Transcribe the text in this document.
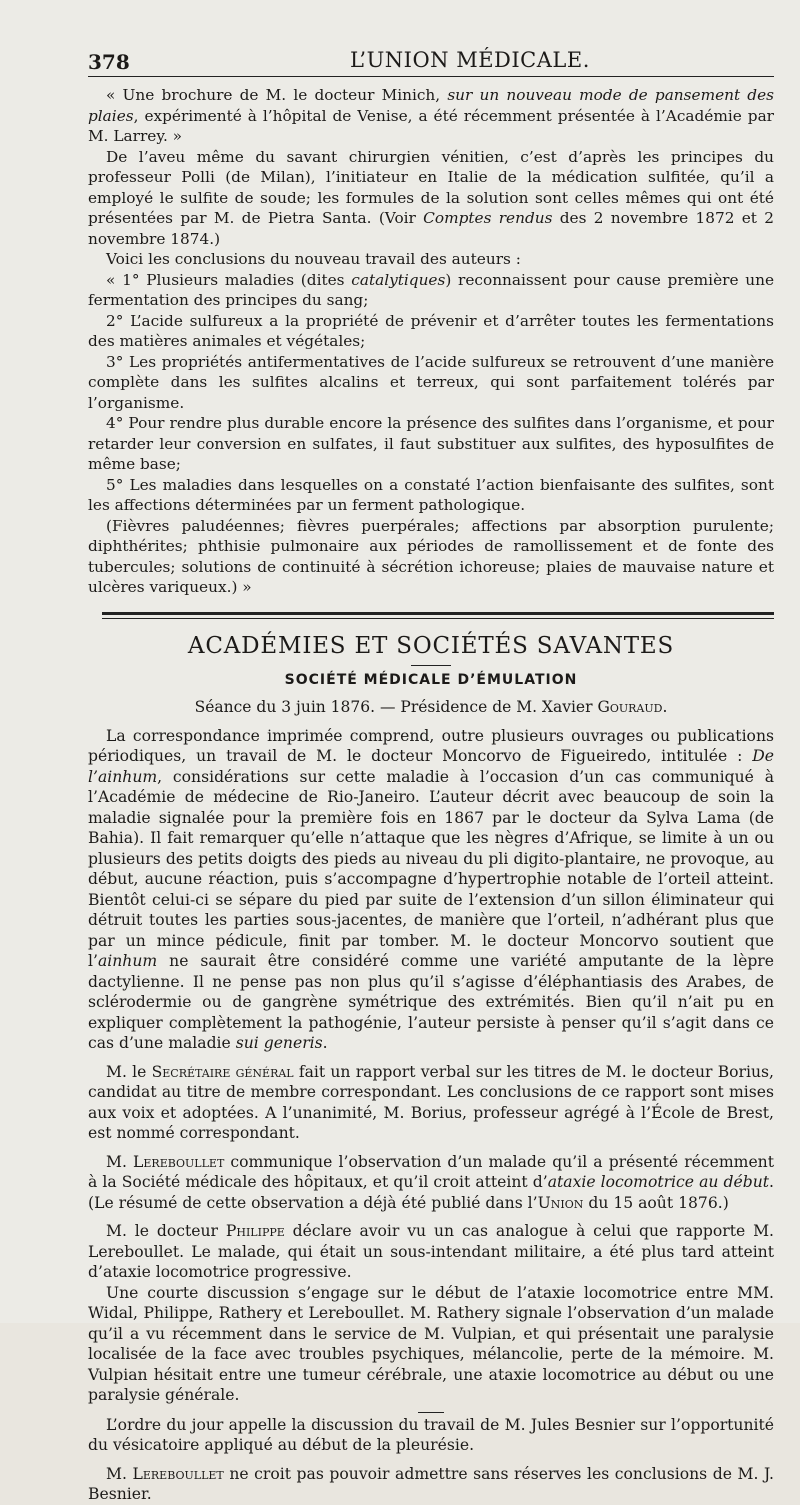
378	L’UNION MÉDICALE.

« Une brochure de M. le docteur Minich, sur un nouveau mode de pansement des plaies, expérimenté à l’hôpital de Venise, a été récemment présentée à l’Académie par M. Larrey. »

De l’aveu même du savant chirurgien vénitien, c’est d’après les principes du professeur Polli (de Milan), l’initiateur en Italie de la médication sulfitée, qu’il a employé le sulfite de soude; les formules de la solution sont celles mêmes qui ont été présentées par M. de Pietra Santa. (Voir Comptes rendus des 2 novembre 1872 et 2 novembre 1874.)

Voici les conclusions du nouveau travail des auteurs :

« 1° Plusieurs maladies (dites catalytiques) reconnaissent pour cause première une fermentation des principes du sang;

2° L’acide sulfureux a la propriété de prévenir et d’arrêter toutes les fermentations des matières animales et végétales;

3° Les propriétés antifermentatives de l’acide sulfureux se retrouvent d’une manière complète dans les sulfites alcalins et terreux, qui sont parfaitement tolérés par l’organisme.

4° Pour rendre plus durable encore la présence des sulfites dans l’organisme, et pour retarder leur conversion en sulfates, il faut substituer aux sulfites, des hyposulfites de même base;

5° Les maladies dans lesquelles on a constaté l’action bienfaisante des sulfites, sont les affections déterminées par un ferment pathologique.

(Fièvres paludéennes; fièvres puerpérales; affections par absorption purulente; diphthérites; phthisie pulmonaire aux périodes de ramollissement et de fonte des tubercules; solutions de continuité à sécrétion ichoreuse; plaies de mauvaise nature et ulcères variqueux.) »

ACADÉMIES ET SOCIÉTÉS SAVANTES
SOCIÉTÉ MÉDICALE D’ÉMULATION
Séance du 3 juin 1876. — Présidence de M. Xavier Gouraud.

La correspondance imprimée comprend, outre plusieurs ouvrages ou publications périodiques, un travail de M. le docteur Moncorvo de Figueiredo, intitulée : De l’ainhum, considérations sur cette maladie à l’occasion d’un cas communiqué à l’Académie de médecine de Rio-Janeiro. L’auteur décrit avec beaucoup de soin la maladie signalée pour la première fois en 1867 par le docteur da Sylva Lama (de Bahia). Il fait remarquer qu’elle n’attaque que les nègres d’Afrique, se limite à un ou plusieurs des petits doigts des pieds au niveau du pli digito-plantaire, ne provoque, au début, aucune réaction, puis s’accompagne d’hypertrophie notable de l’orteil atteint. Bientôt celui-ci se sépare du pied par suite de l’extension d’un sillon éliminateur qui détruit toutes les parties sous-jacentes, de manière que l’orteil, n’adhérant plus que par un mince pédicule, finit par tomber. M. le docteur Moncorvo soutient que l’ainhum ne saurait être considéré comme une variété amputante de la lèpre dactylienne. Il ne pense pas non plus qu’il s’agisse d’éléphantiasis des Arabes, de sclérodermie ou de gangrène symétrique des extrémités. Bien qu’il n’ait pu en expliquer complètement la pathogénie, l’auteur persiste à penser qu’il s’agit dans ce cas d’une maladie sui generis.

M. le Secrétaire général fait un rapport verbal sur les titres de M. le docteur Borius, candidat au titre de membre correspondant. Les conclusions de ce rapport sont mises aux voix et adoptées. A l’unanimité, M. Borius, professeur agrégé à l’École de Brest, est nommé correspondant.

M. Lereboullet communique l’observation d’un malade qu’il a présenté récemment à la Société médicale des hôpitaux, et qu’il croit atteint d’ataxie locomotrice au début. (Le résumé de cette observation a déjà été publié dans l’Union du 15 août 1876.)

M. le docteur Philippe déclare avoir vu un cas analogue à celui que rapporte M. Lereboullet. Le malade, qui était un sous-intendant militaire, a été plus tard atteint d’ataxie locomotrice progressive.

Une courte discussion s’engage sur le début de l’ataxie locomotrice entre MM. Widal, Philippe, Rathery et Lereboullet. M. Rathery signale l’observation d’un malade qu’il a vu récemment dans le service de M. Vulpian, et qui présentait une paralysie localisée de la face avec troubles psychiques, mélancolie, perte de la mémoire. M. Vulpian hésitait entre une tumeur cérébrale, une ataxie locomotrice au début ou une paralysie générale.

L’ordre du jour appelle la discussion du travail de M. Jules Besnier sur l’opportunité du vésicatoire appliqué au début de la pleurésie.

M. Lereboullet ne croit pas pouvoir admettre sans réserves les conclusions de M. J. Besnier.
